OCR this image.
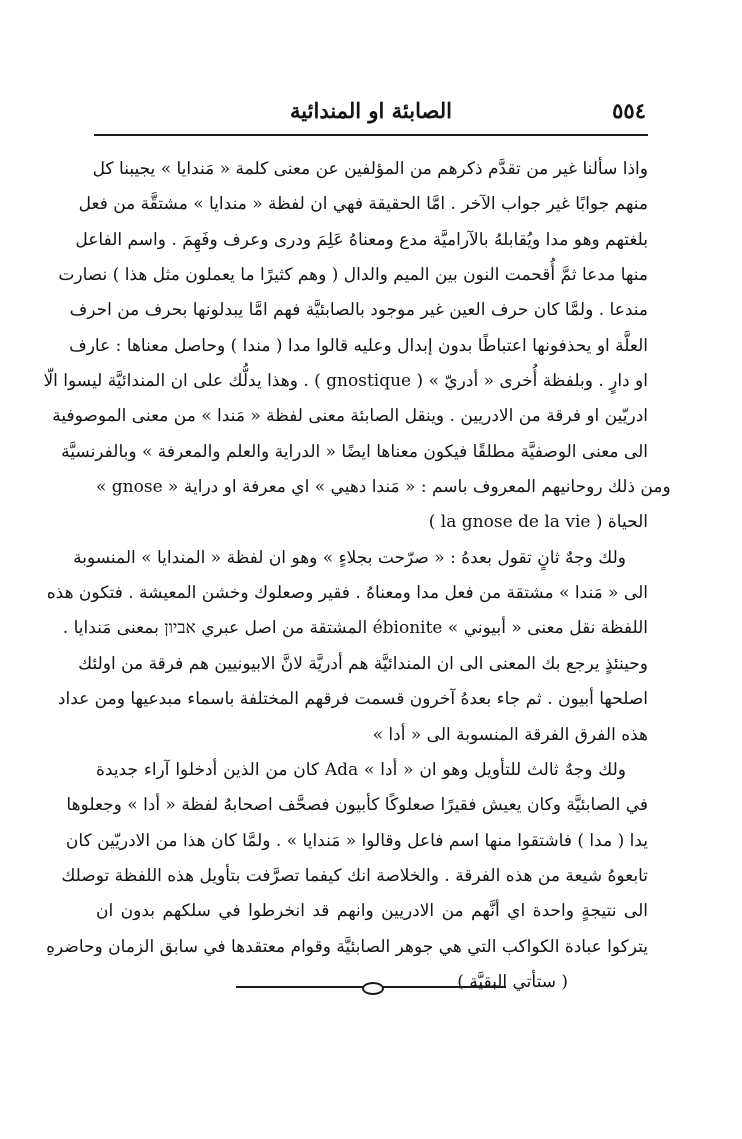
٥٥٤
الصابئة او المندائية
واذا سألنا غير من تقدَّم ذكرهم من المؤلفين عن معنى كلمة « مَندايا » يجيبنا كل
منهم جوابًا غير جواب الآخر . امَّا الحقيقة فهي ان لفظة « مندايا » مشتقَّة من فعل
بلغتهم وهو مدا ويُقابلهُ بالآراميَّة مدع ومعناهُ عَلِمَ ودرى وعرف وفَهِمَ . واسم الفاعل
منها مدعا ثمَّ أُقحمت النون بين الميم والدال ( وهم كثيرًا ما يعملون مثل هذا ) نصارت
مندعا . ولمَّا كان حرف العين غير موجود بالصابئيَّة فهم امَّا يبدلونها بحرف من احرف
العلَّة او يحذفونها اعتباطًا بدون إبدال وعليه قالوا مدا ( مندا ) وحاصل معناها : عارف
او دارٍ . وبلفظة أُخرى « أدريّ » ( gnostique ) . وهذا يدلُّك على ان المندائيَّة ليسوا الّا
ادريّين او فرقة من الادريين . وينقل الصابئة معنى لفظة « مَندا » من معنى الموصوفية
الى معنى الوصفيَّة مطلقًا فيكون معناها ايضًا « الدراية والعلم والمعرفة » وبالفرنسيَّة
« gnose » ومن ذلك روحانيهم المعروف باسم : « مَندا دهيي » اي معرفة او دراية
الحياة ( la gnose de la vie )
ولك وجهٌ ثانٍ تقول بعدهُ : « صرّحت بجلاءٍ » وهو ان لفظة « المندايا » المنسوبة
الى « مَندا » مشتقة من فعل مدا ومعناهُ . فقير وصعلوك وخشن المعيشة . فتكون هذه
اللفظة نقل معنى « أبيوني » ébionite المشتقة من اصل عبري אביון بمعنى مَندايا .
وحينئذٍ يرجع بك المعنى الى ان المندائيَّة هم أدريَّة لانَّ الابيونيين هم فرقة من اولئك
اصلحها أبيون . ثم جاء بعدهُ آخرون قسمت فرقهم المختلفة باسماء مبدعيها ومن عداد
هذه الفرق الفرقة المنسوبة الى « أدا »
ولك وجهٌ ثالث للتأويل وهو ان « أدا » Ada كان من الذين أدخلوا آراء جديدة
في الصابئيَّة وكان يعيش فقيرًا صعلوكًا كأبيون فصحَّف اصحابهُ لفظة « أدا » وجعلوها
يدا ( مدا ) فاشتقوا منها اسم فاعل وقالوا « مَندايا » . ولمَّا كان هذا من الادريّين كان
تابعوهُ شيعة من هذه الفرقة . والخلاصة انك كيفما تصرَّفت بتأويل هذه اللفظة توصلك
الى نتيجةٍ واحدة اي أنَّهم من الادريين وانهم قد انخرطوا في سلكهم بدون ان
يتركوا عبادة الكواكب التي هي جوهر الصابئيَّة وقوام معتقدها في سابق الزمان وحاضرهِ
( ستأتي البقيَّة )
